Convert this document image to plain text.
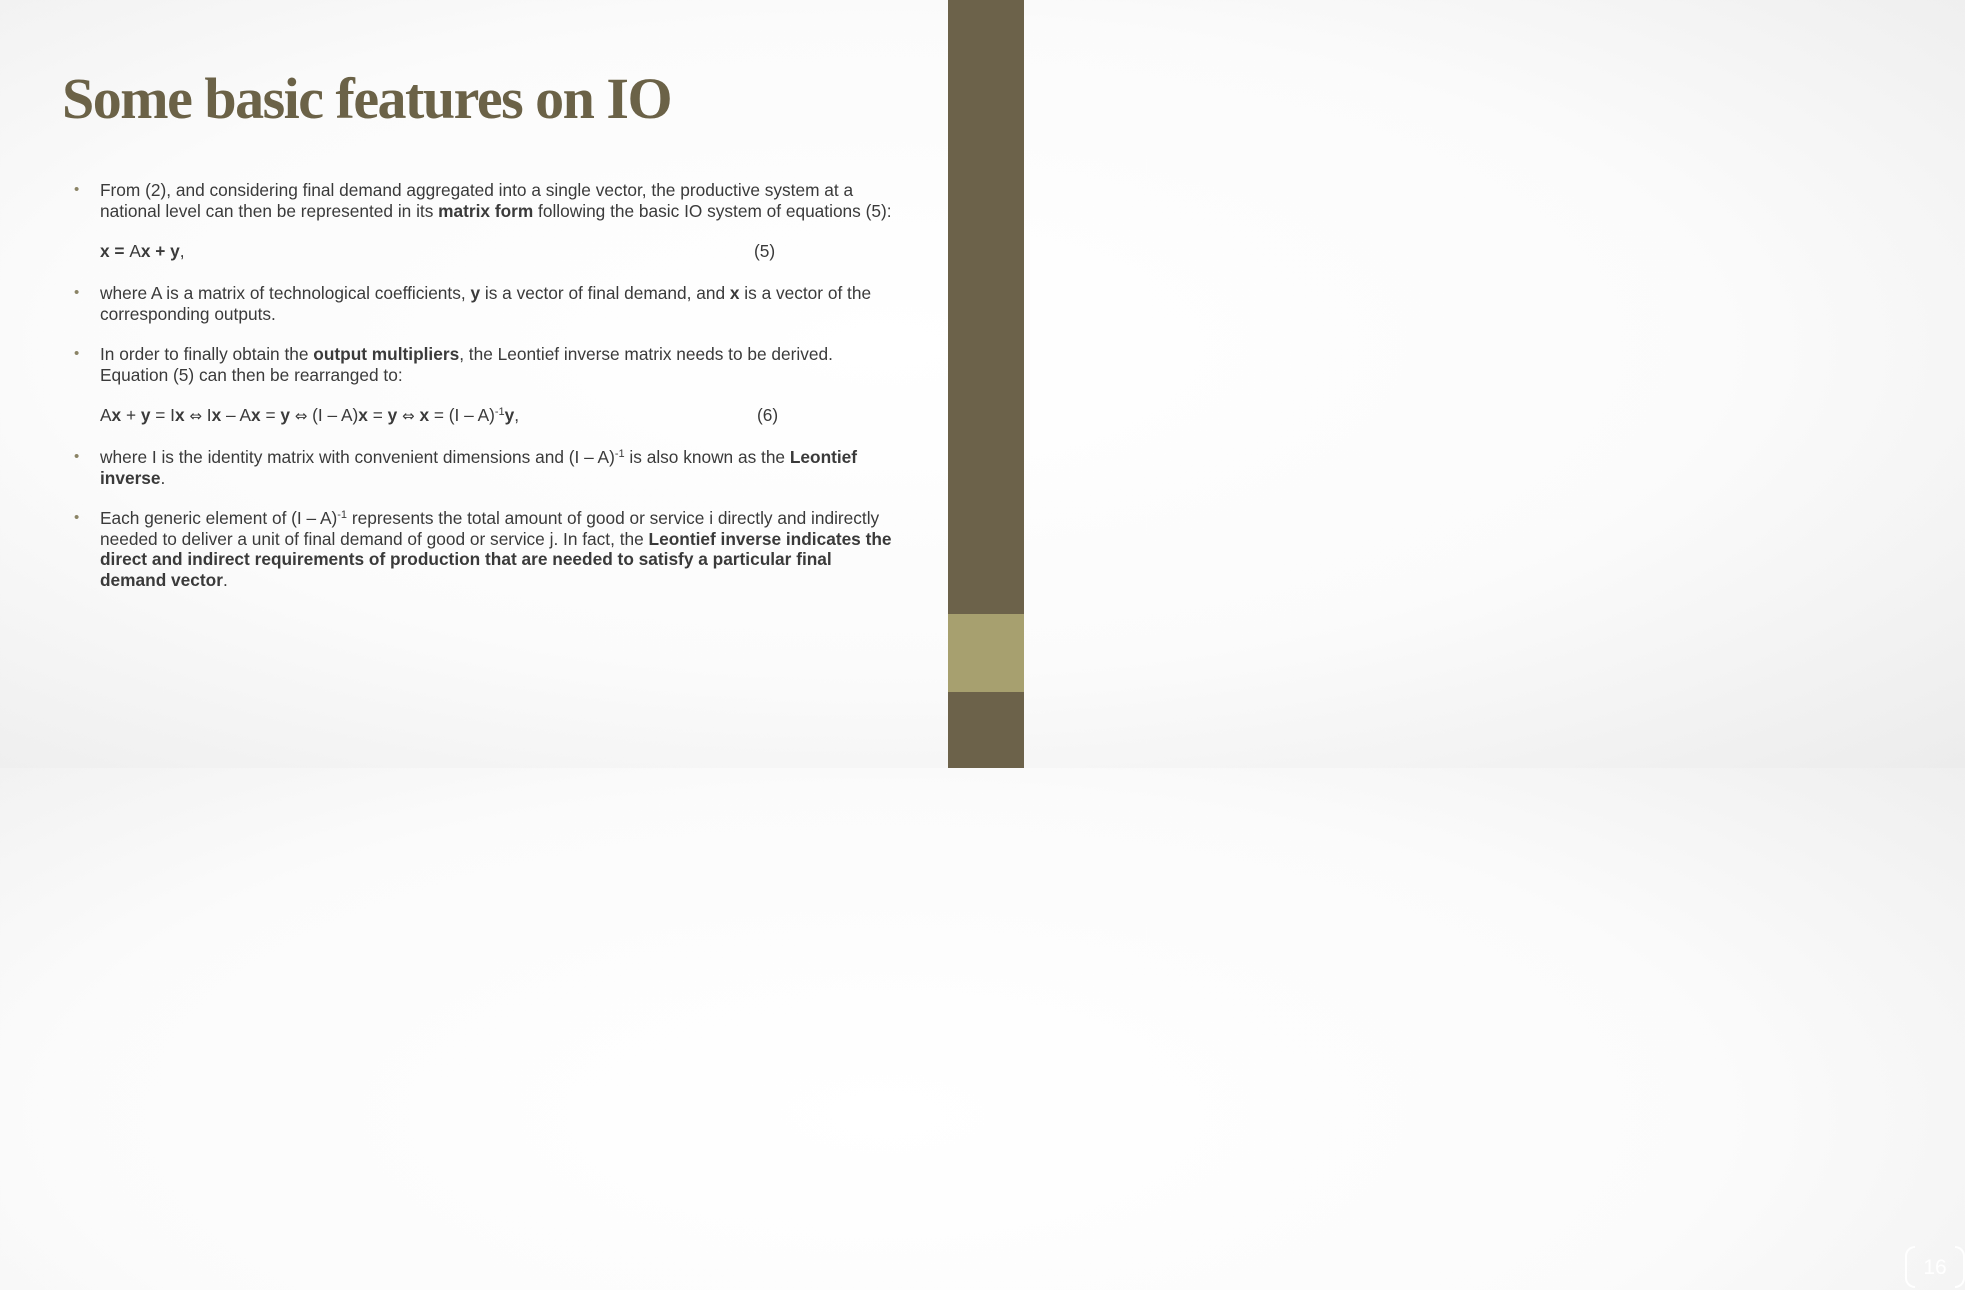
16
Some basic features on IO

• From (2), and considering final demand aggregated into a single vector, the productive system at a national level can then be represented in its matrix form following the basic IO system of equations (5):

x = Ax + y,	(5)

• where A is a matrix of technological coefficients, y is a vector of final demand, and x is a vector of the corresponding outputs.

• In order to finally obtain the output multipliers, the Leontief inverse matrix needs to be derived. Equation (5) can then be rearranged to:

Ax + y = Ix ⇔ Ix – Ax = y ⇔ (I – A)x = y ⇔ x = (I – A)$^{-1}$y,	(6)

• where I is the identity matrix with convenient dimensions and (I – A)$^{-1}$ is also known as the Leontief inverse.

• Each generic element of (I – A)$^{-1}$ represents the total amount of good or service i directly and indirectly needed to deliver a unit of final demand of good or service j. In fact, the Leontief inverse indicates the direct and indirect requirements of production that are needed to satisfy a particular final demand vector.
